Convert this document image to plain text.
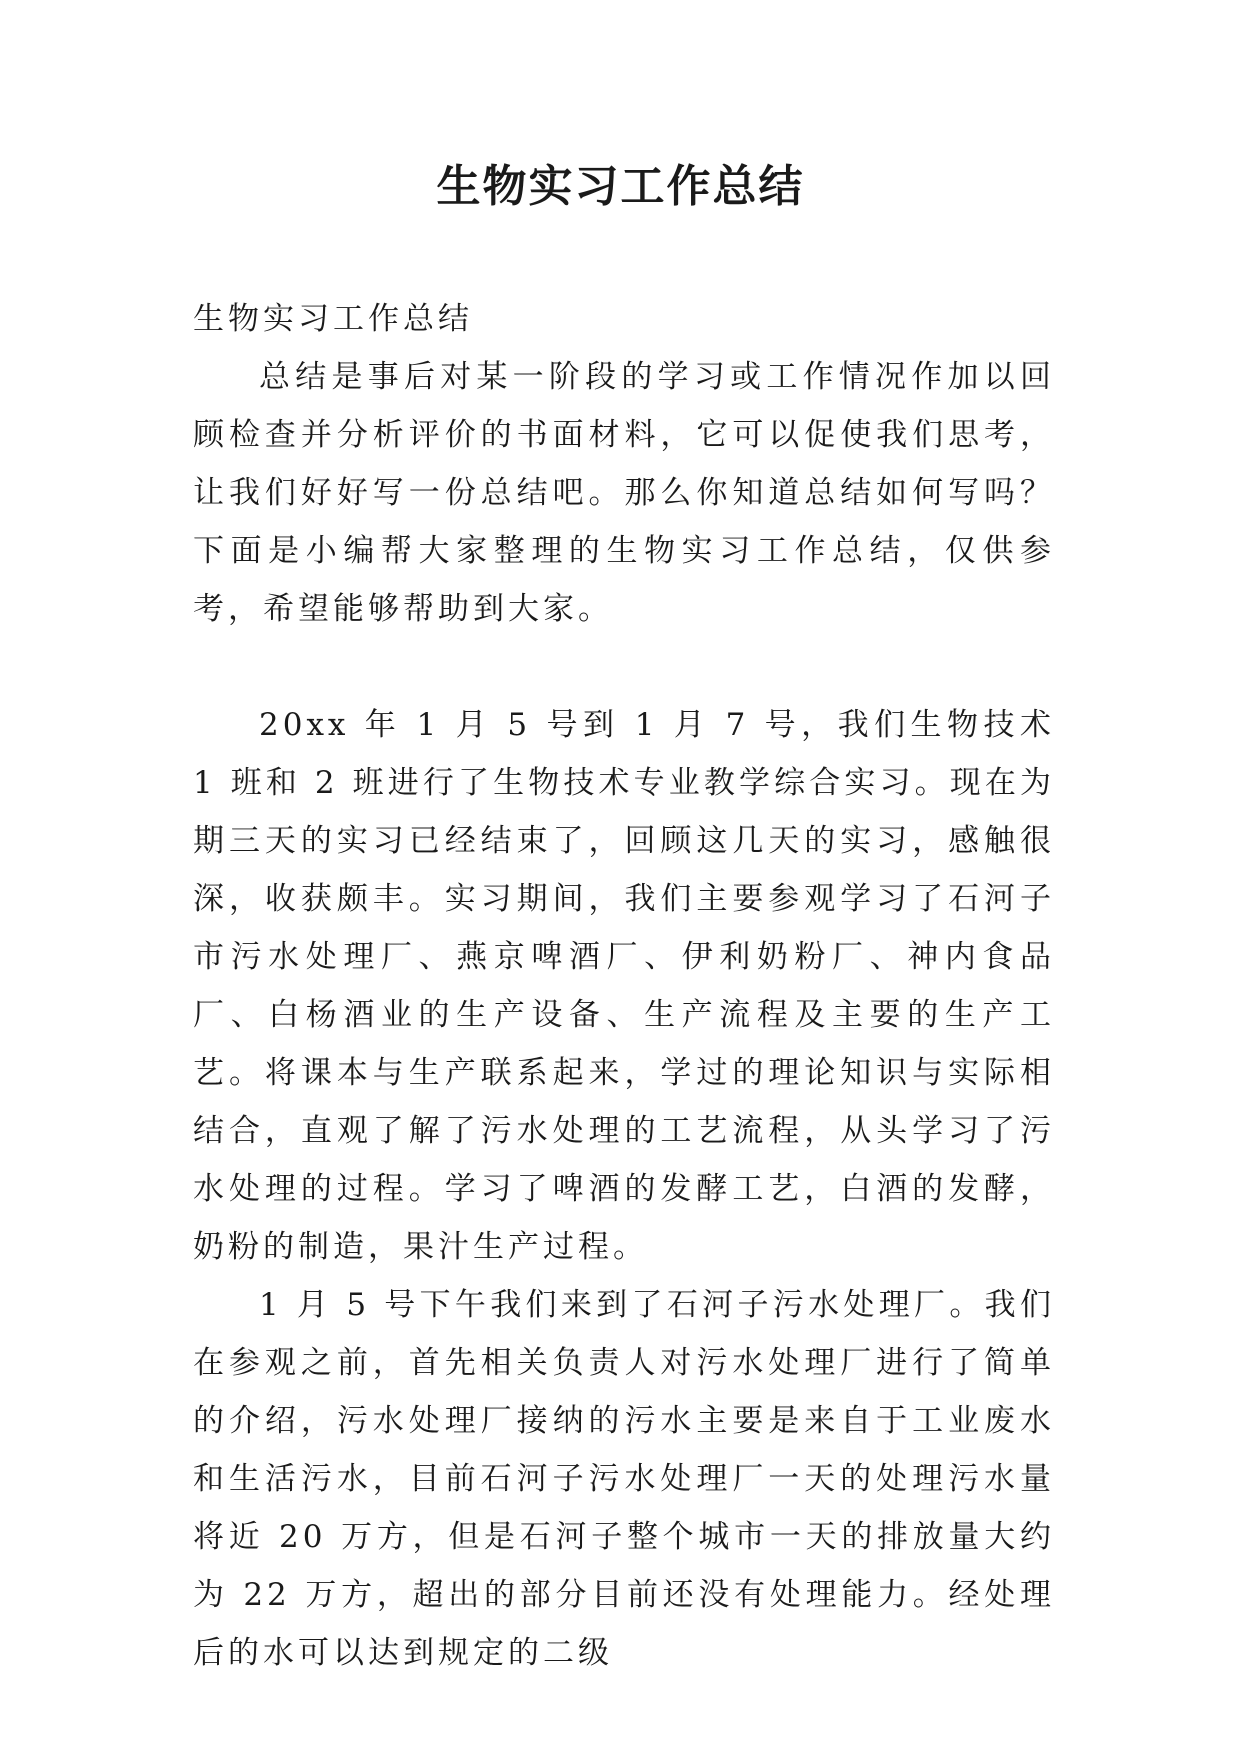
生物实习工作总结

生物实习工作总结

总结是事后对某一阶段的学习或工作情况作加以回顾检查并分析评价的书面材料，它可以促使我们思考，让我们好好写一份总结吧。那么你知道总结如何写吗？下面是小编帮大家整理的生物实习工作总结，仅供参考，希望能够帮助到大家。

20xx 年 1 月 5 号到 1 月 7 号，我们生物技术 1 班和 2 班进行了生物技术专业教学综合实习。现在为期三天的实习已经结束了，回顾这几天的实习，感触很深，收获颇丰。实习期间，我们主要参观学习了石河子市污水处理厂、燕京啤酒厂、伊利奶粉厂、神内食品厂、白杨酒业的生产设备、生产流程及主要的生产工艺。将课本与生产联系起来，学过的理论知识与实际相结合，直观了解了污水处理的工艺流程，从头学习了污水处理的过程。学习了啤酒的发酵工艺，白酒的发酵，奶粉的制造，果汁生产过程。

1 月 5 号下午我们来到了石河子污水处理厂。我们在参观之前，首先相关负责人对污水处理厂进行了简单的介绍，污水处理厂接纳的污水主要是来自于工业废水和生活污水，目前石河子污水处理厂一天的处理污水量将近 20 万方，但是石河子整个城市一天的排放量大约为 22 万方，超出的部分目前还没有处理能力。经处理后的水可以达到规定的二级
